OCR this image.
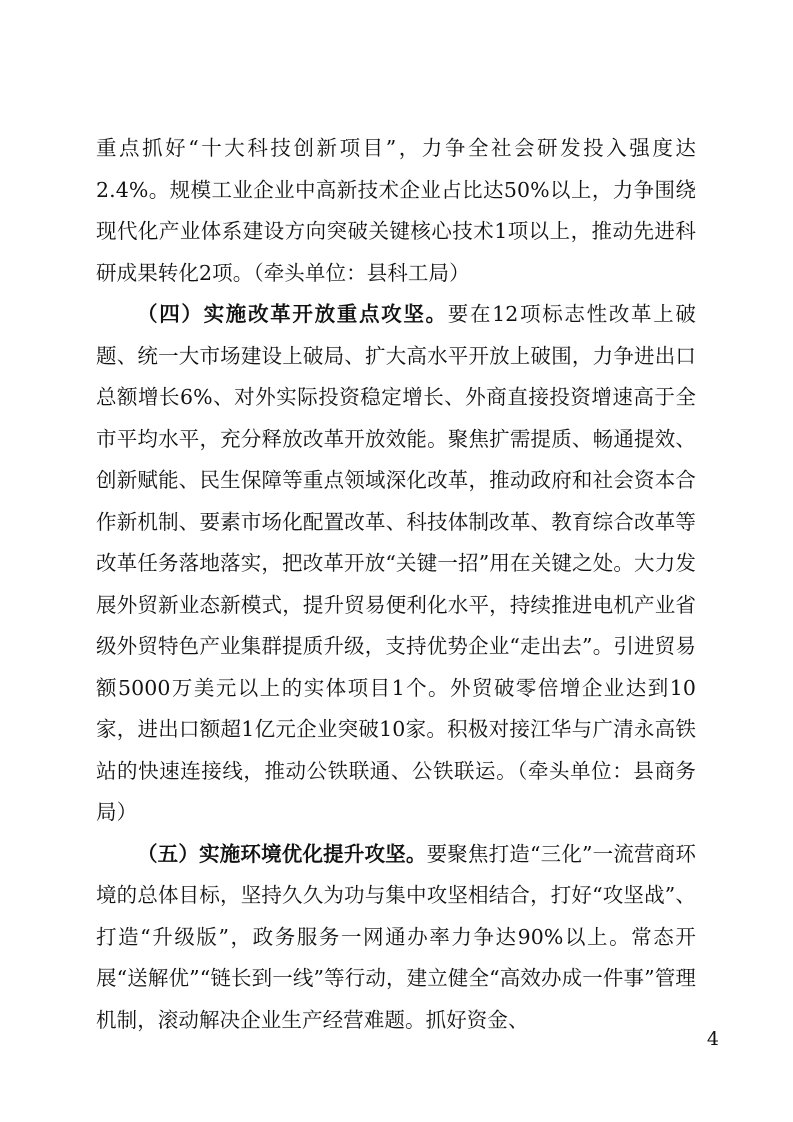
重点抓好“十大科技创新项目”，力争全社会研发投入强度达2.4%。规模工业企业中高新技术企业占比达50%以上，力争围绕现代化产业体系建设方向突破关键核心技术1项以上，推动先进科研成果转化2项。（牵头单位：县科工局）

（四）实施改革开放重点攻坚。要在12项标志性改革上破题、统一大市场建设上破局、扩大高水平开放上破围，力争进出口总额增长6%、对外实际投资稳定增长、外商直接投资增速高于全市平均水平，充分释放改革开放效能。聚焦扩需提质、畅通提效、创新赋能、民生保障等重点领域深化改革，推动政府和社会资本合作新机制、要素市场化配置改革、科技体制改革、教育综合改革等改革任务落地落实，把改革开放“关键一招”用在关键之处。大力发展外贸新业态新模式，提升贸易便利化水平，持续推进电机产业省级外贸特色产业集群提质升级，支持优势企业“走出去”。引进贸易额5000万美元以上的实体项目1个。外贸破零倍增企业达到10家，进出口额超1亿元企业突破10家。积极对接江华与广清永高铁站的快速连接线，推动公铁联通、公铁联运。（牵头单位：县商务局）

（五）实施环境优化提升攻坚。要聚焦打造“三化”一流营商环境的总体目标，坚持久久为功与集中攻坚相结合，打好“攻坚战”、打造“升级版”，政务服务一网通办率力争达90%以上。常态开展“送解优”“链长到一线”等行动，建立健全“高效办成一件事”管理机制，滚动解决企业生产经营难题。抓好资金、

4
